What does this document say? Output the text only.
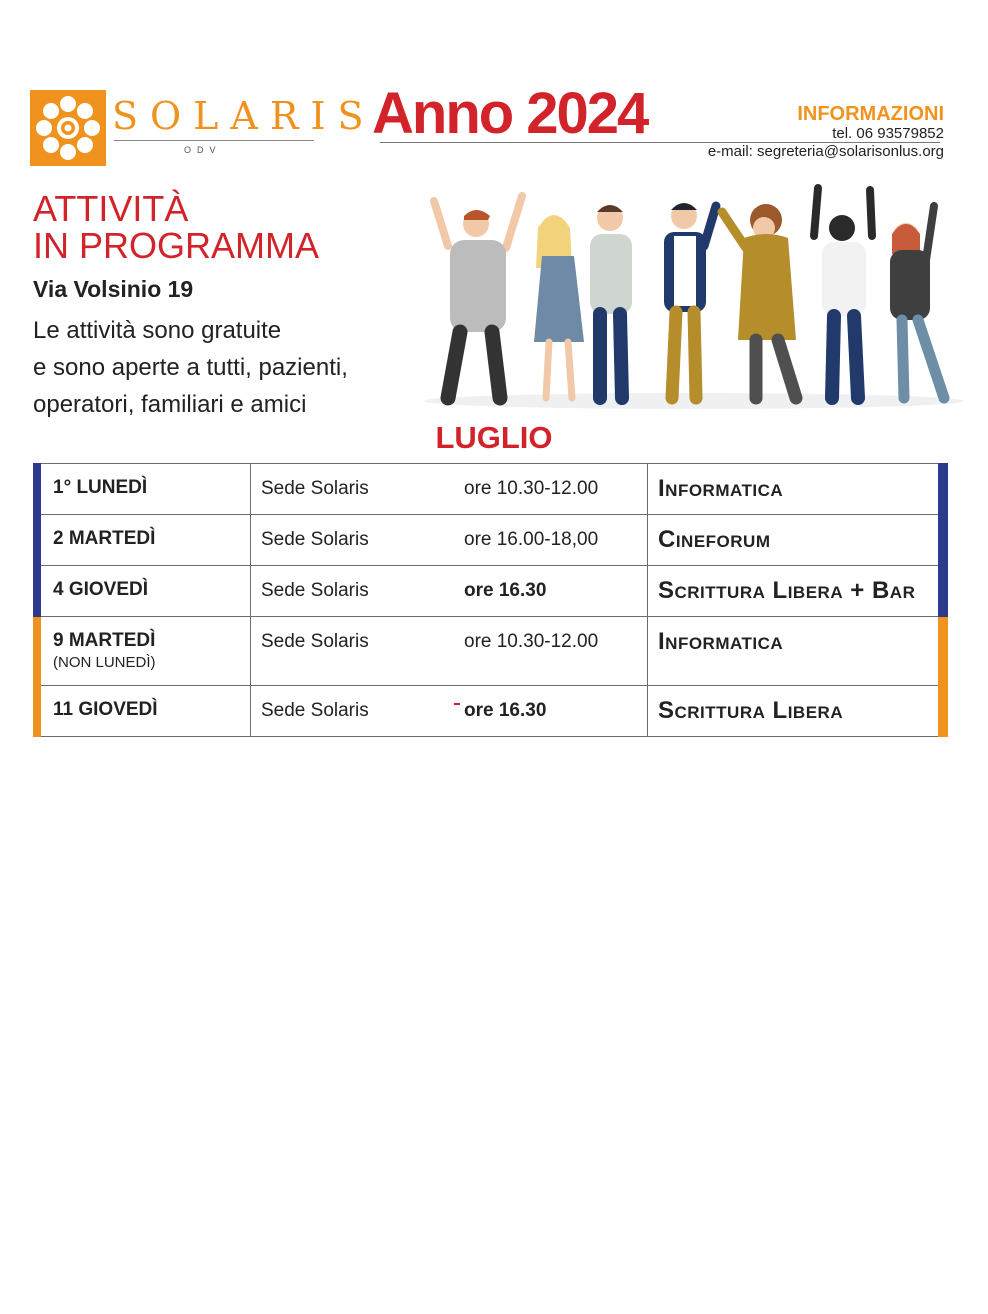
SOLARIS
ODV
Anno 2024	INFORMAZIONI
tel. 06 93579852
e-mail: segreteria@solarisonlus.org
ATTIVITÀ
IN PROGRAMMA
Via Volsinio 19
Le attività sono gratuite
e sono aperte a tutti, pazienti,
operatori, familiari e amici
LUGLIO
1° LUNEDÌ	Sede Solaris ore 10.30-12.00	Informatica
2 MARTEDÌ	Sede Solaris ore 16.00-18,00	Cineforum
4 GIOVEDÌ	Sede Solaris ore 16.30	Scrittura Libera + Bar
9 MARTEDÌ
(NON LUNEDÌ)	Sede Solaris ore 10.30-12.00	Informatica
11 GIOVEDÌ	Sede Solaris ore 16.30	Scrittura Libera
